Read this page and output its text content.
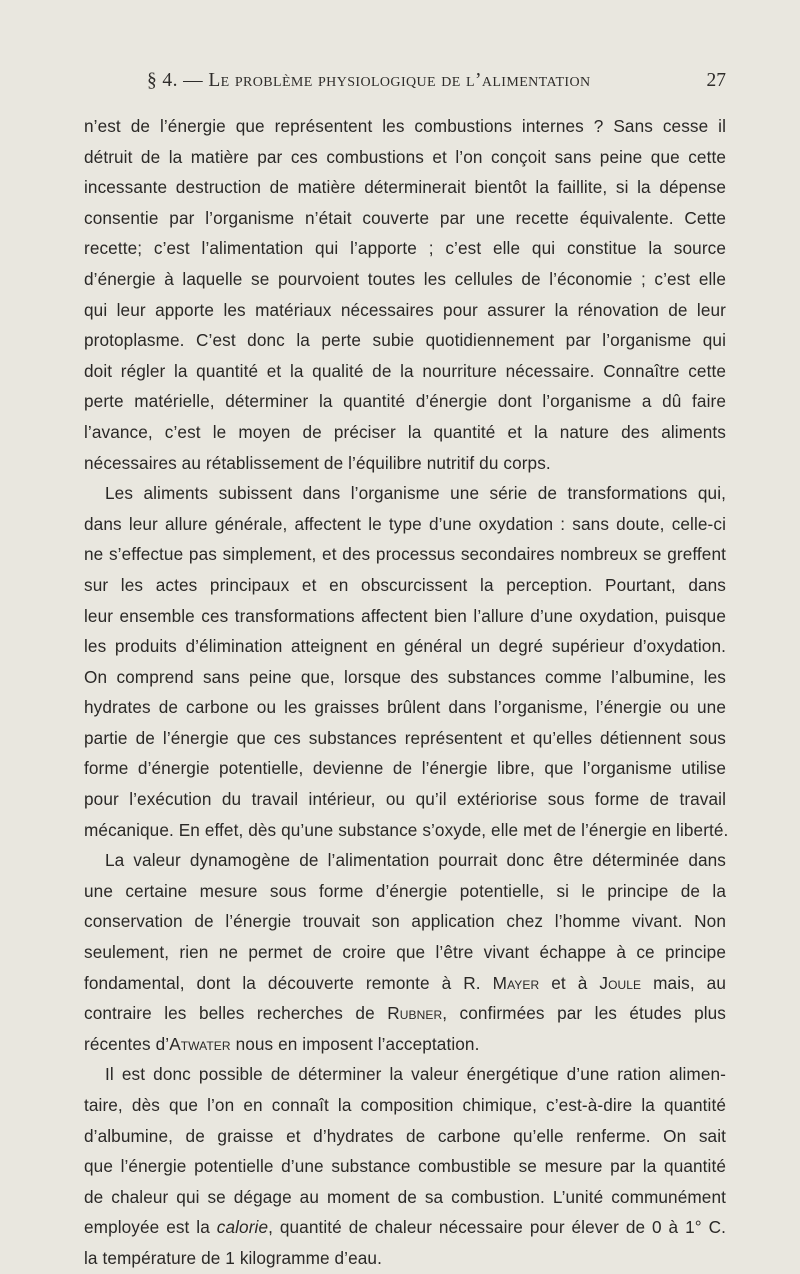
§ 4. — Le problème physiologique de l’alimentation	27
n’est de l’énergie que représentent les combustions internes ? Sans cesse il
détruit de la matière par ces combustions et l’on conçoit sans peine que cette
incessante destruction de matière déterminerait bientôt la faillite, si la dépense
consentie par l’organisme n’était couverte par une recette équivalente. Cette
recette; c’est l’alimentation qui l’apporte ; c’est elle qui constitue la source
d’énergie à laquelle se pourvoient toutes les cellules de l’économie ; c’est elle
qui leur apporte les matériaux nécessaires pour assurer la rénovation de leur
protoplasme. C’est donc la perte subie quotidiennement par l’organisme qui
doit régler la quantité et la qualité de la nourriture nécessaire. Connaître cette
perte matérielle, déterminer la quantité d’énergie dont l’organisme a dû faire
l’avance, c’est le moyen de préciser la quantité et la nature des aliments
nécessaires au rétablissement de l’équilibre nutritif du corps.
Les aliments subissent dans l’organisme une série de transformations qui,
dans leur allure générale, affectent le type d’une oxydation : sans doute, celle-ci
ne s’effectue pas simplement, et des processus secondaires nombreux se greffent
sur les actes principaux et en obscurcissent la perception. Pourtant, dans
leur ensemble ces transformations affectent bien l’allure d’une oxydation, puisque
les produits d’élimination atteignent en général un degré supérieur d’oxydation.
On comprend sans peine que, lorsque des substances comme l’albumine, les
hydrates de carbone ou les graisses brûlent dans l’organisme, l’énergie ou une
partie de l’énergie que ces substances représentent et qu’elles détiennent sous
forme d’énergie potentielle, devienne de l’énergie libre, que l’organisme utilise
pour l’exécution du travail intérieur, ou qu’il extériorise sous forme de travail
mécanique. En effet, dès qu’une substance s’oxyde, elle met de l’énergie en liberté.
La valeur dynamogène de l’alimentation pourrait donc être déterminée dans
une certaine mesure sous forme d’énergie potentielle, si le principe de la
conservation de l’énergie trouvait son application chez l’homme vivant. Non
seulement, rien ne permet de croire que l’être vivant échappe à ce principe
fondamental, dont la découverte remonte à R. Mayer et à Joule mais, au
contraire les belles recherches de Rubner, confirmées par les études plus
récentes d’Atwater nous en imposent l’acceptation.
Il est donc possible de déterminer la valeur énergétique d’une ration alimen-
taire, dès que l’on en connaît la composition chimique, c’est-à-dire la quantité
d’albumine, de graisse et d’hydrates de carbone qu’elle renferme. On sait
que l’énergie potentielle d’une substance combustible se mesure par la quantité
de chaleur qui se dégage au moment de sa combustion. L’unité communément
employée est la calorie, quantité de chaleur nécessaire pour élever de 0 à 1° C.
la température de 1 kilogramme d’eau.
